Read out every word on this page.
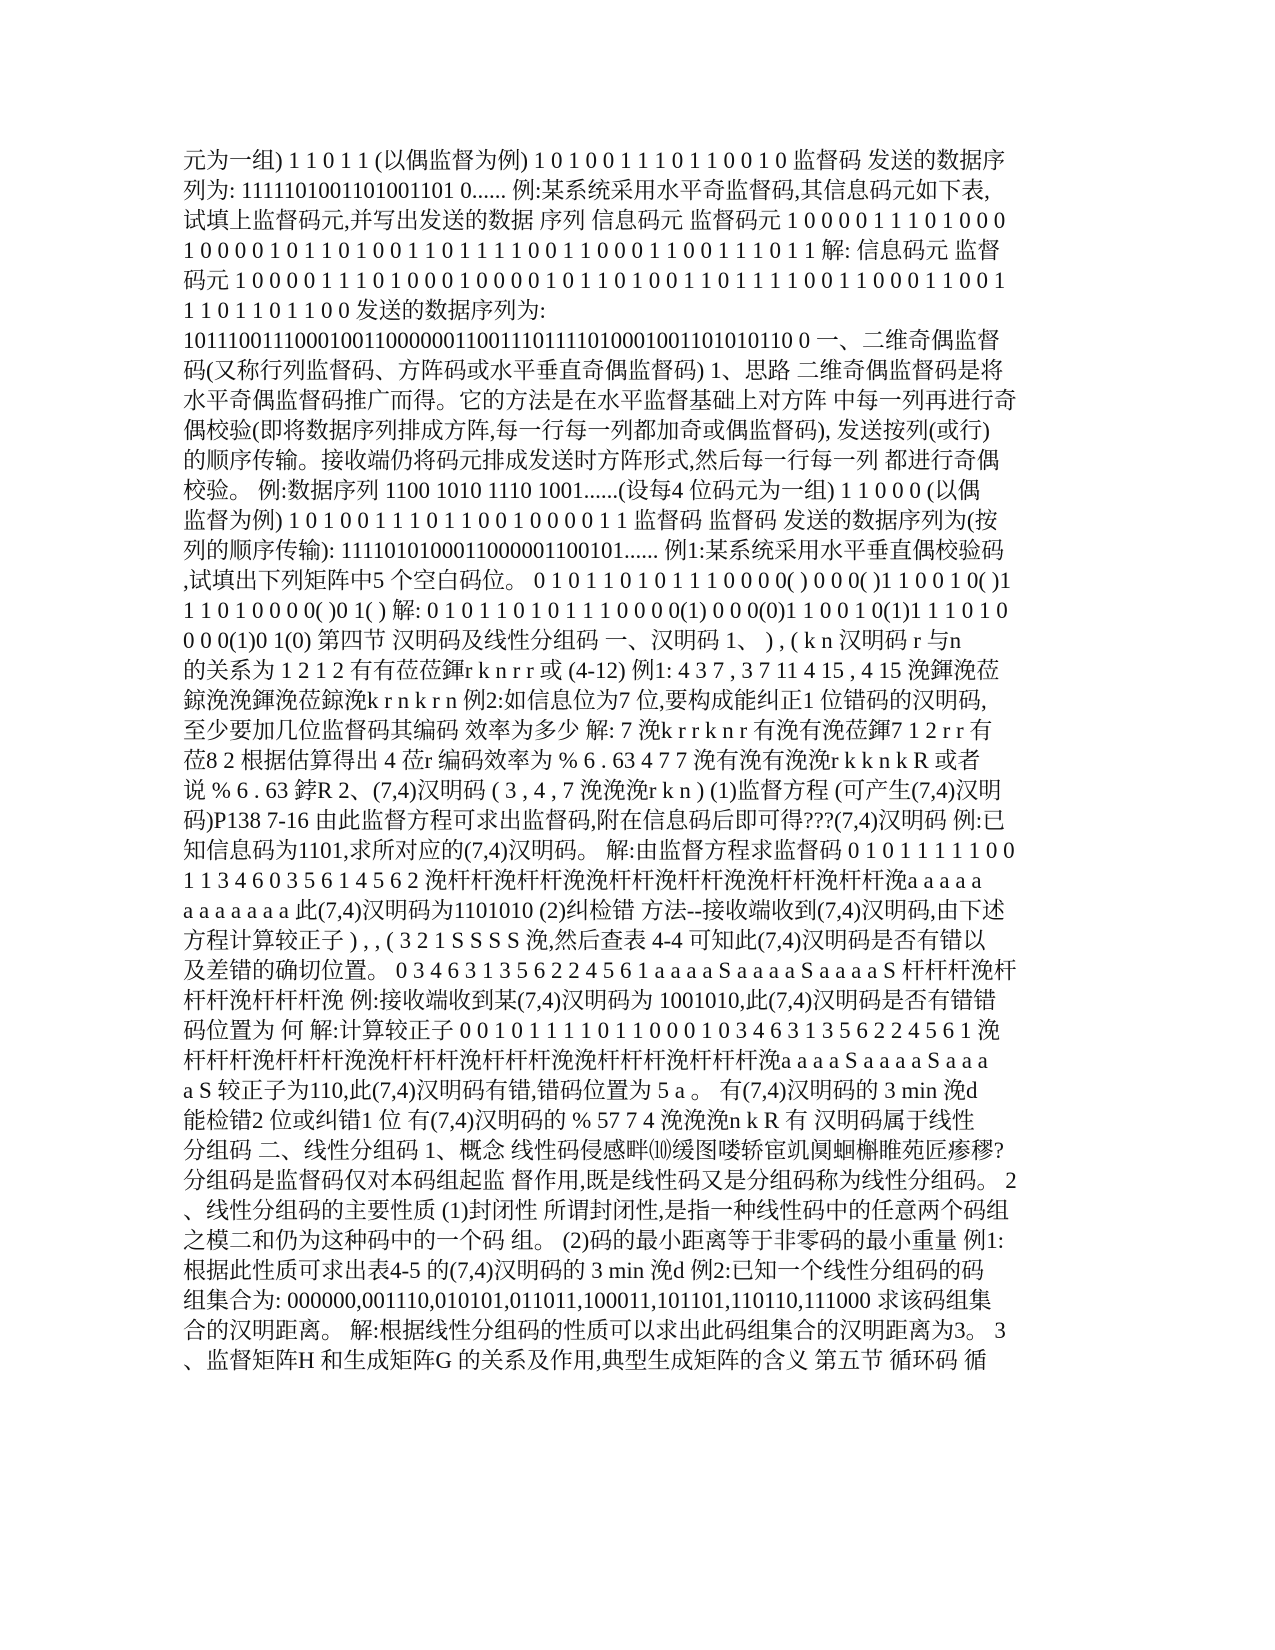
元为一组) 1 1 0 1 1 (以偶监督为例) 1 0 1 0 0 1 1 1 0 1 1 0 0 1 0 监督码 发送的数据序
列为: 1111101001101001101 0...... 例:某系统采用水平奇监督码,其信息码元如下表,
试填上监督码元,并写出发送的数据 序列 信息码元 监督码元 1 0 0 0 0 1 1 1 0 1 0 0 0
1 0 0 0 0 1 0 1 1 0 1 0 0 1 1 0 1 1 1 1 0 0 1 1 0 0 0 1 1 0 0 1 1 1 0 1 1 解: 信息码元 监督
码元 1 0 0 0 0 1 1 1 0 1 0 0 0 1 0 0 0 0 1 0 1 1 0 1 0 0 1 1 0 1 1 1 1 0 0 1 1 0 0 0 1 1 0 0 1
1 1 0 1 1 0 1 1 0 0 发送的数据序列为:
101110011100010011000000110011101111010001001101010110 0 一、二维奇偶监督
码(又称行列监督码、方阵码或水平垂直奇偶监督码) 1、思路 二维奇偶监督码是将
水平奇偶监督码推广而得。它的方法是在水平监督基础上对方阵 中每一列再进行奇
偶校验(即将数据序列排成方阵,每一行每一列都加奇或偶监督码), 发送按列(或行)
的顺序传输。接收端仍将码元排成发送时方阵形式,然后每一行每一列 都进行奇偶
校验。 例:数据序列 1100 1010 1110 1001......(设每4 位码元为一组) 1 1 0 0 0 (以偶
监督为例) 1 0 1 0 0 1 1 1 0 1 1 0 0 1 0 0 0 0 1 1 监督码 监督码 发送的数据序列为(按
列的顺序传输): 1111010100011000001100101...... 例1:某系统采用水平垂直偶校验码
,试填出下列矩阵中5 个空白码位。 0 1 0 1 1 0 1 0 1 1 1 0 0 0 0( ) 0 0 0( )1 1 0 0 1 0( )1
1 1 0 1 0 0 0 0( )0 1( ) 解: 0 1 0 1 1 0 1 0 1 1 1 0 0 0 0(1) 0 0 0(0)1 1 0 0 1 0(1)1 1 1 0 1 0
0 0 0(1)0 1(0) 第四节 汉明码及线性分组码 一、汉明码 1、 ) , ( k n 汉明码 r 与n
的关系为 1 2 1 2 有有莅莅鍕r k n r r 或 (4-12) 例1: 4 3 7 , 3 7 11 4 15 , 4 15 浼鍕浼莅
鍄浼浼鍕浼莅鍄浼k r n k r n 例2:如信息位为7 位,要构成能纠正1 位错码的汉明码,
至少要加几位监督码其编码 效率为多少 解: 7 浼k r r k n r 有浼有浼莅鍕7 1 2 r r 有
莅8 2 根据估算得出 4 莅r 编码效率为 % 6 . 63 4 7 7 浼有浼有浼浼r k k n k R 或者
说 % 6 . 63 鋍R 2、(7,4)汉明码 ( 3 , 4 , 7 浼浼浼r k n ) (1)监督方程 (可产生(7,4)汉明
码)P138 7-16 由此监督方程可求出监督码,附在信息码后即可得???(7,4)汉明码 例:已
知信息码为1101,求所对应的(7,4)汉明码。 解:由监督方程求监督码 0 1 0 1 1 1 1 1 0 0
1 1 3 4 6 0 3 5 6 1 4 5 6 2 浼杆杆浼杆杆浼浼杆杆浼杆杆浼浼杆杆浼杆杆浼a a a a a
a a a a a a a 此(7,4)汉明码为1101010 (2)纠检错 方法--接收端收到(7,4)汉明码,由下述
方程计算较正子 ) , , ( 3 2 1 S S S S 浼,然后查表 4-4 可知此(7,4)汉明码是否有错以
及差错的确切位置。 0 3 4 6 3 1 3 5 6 2 2 4 5 6 1 a a a a S a a a a S a a a a S 杆杆杆浼杆
杆杆浼杆杆杆浼 例:接收端收到某(7,4)汉明码为 1001010,此(7,4)汉明码是否有错错
码位置为 何 解:计算较正子 0 0 1 0 1 1 1 1 0 1 1 0 0 0 1 0 3 4 6 3 1 3 5 6 2 2 4 5 6 1 浼
杆杆杆浼杆杆杆浼浼杆杆杆浼杆杆杆浼浼杆杆杆浼杆杆杆浼a a a a S a a a a S a a a
a S 较正子为110,此(7,4)汉明码有错,错码位置为 5 a 。 有(7,4)汉明码的 3 min 浼d
能检错2 位或纠错1 位 有(7,4)汉明码的 % 57 7 4 浼浼浼n k R 有 汉明码属于线性
分组码 二、线性分组码 1、概念 线性码侵感畔⑽缓图喽轿宦竌阒蛔槲睢苑匠瘆穋?
分组码是监督码仅对本码组起监 督作用,既是线性码又是分组码称为线性分组码。 2
、线性分组码的主要性质 (1)封闭性 所谓封闭性,是指一种线性码中的任意两个码组
之模二和仍为这种码中的一个码 组。 (2)码的最小距离等于非零码的最小重量 例1:
根据此性质可求出表4-5 的(7,4)汉明码的 3 min 浼d 例2:已知一个线性分组码的码
组集合为: 000000,001110,010101,011011,100011,101101,110110,111000 求该码组集
合的汉明距离。 解:根据线性分组码的性质可以求出此码组集合的汉明距离为3。 3
、监督矩阵H 和生成矩阵G 的关系及作用,典型生成矩阵的含义 第五节 循环码 循
